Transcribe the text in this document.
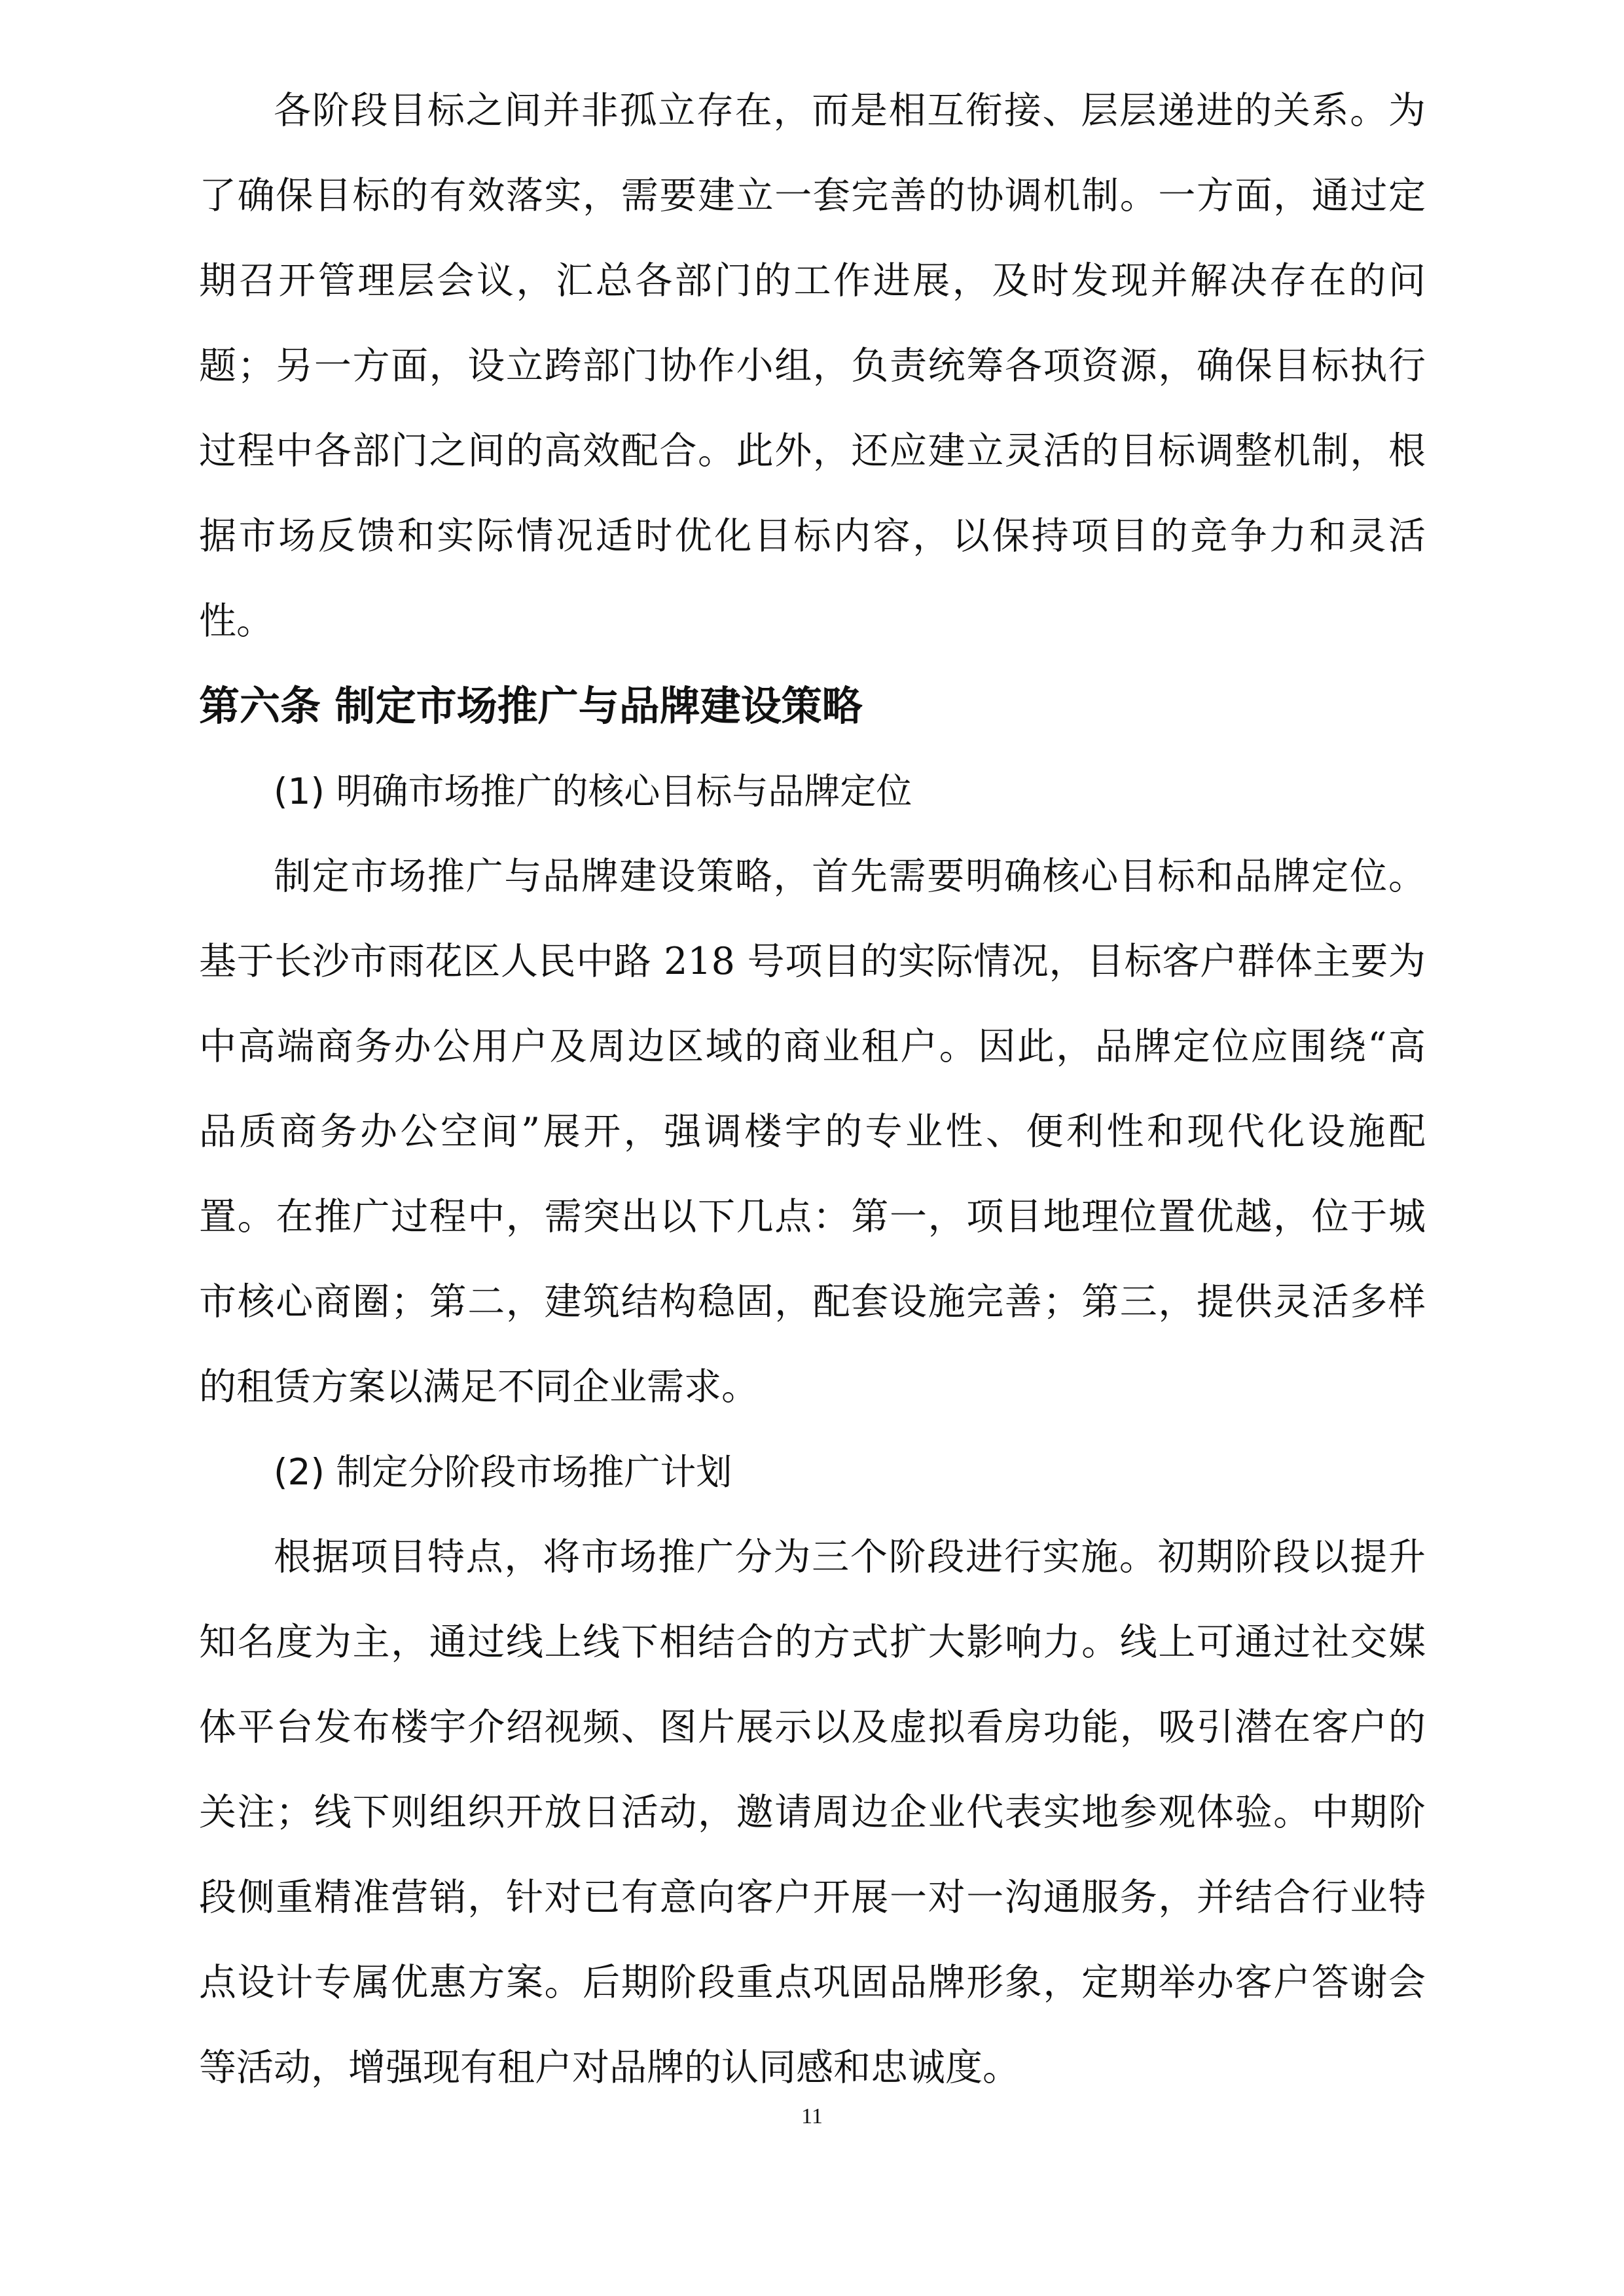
各阶段目标之间并非孤立存在，而是相互衔接、层层递进的关系。为
了确保目标的有效落实，需要建立一套完善的协调机制。一方面，通过定
期召开管理层会议，汇总各部门的工作进展，及时发现并解决存在的问
题；另一方面，设立跨部门协作小组，负责统筹各项资源，确保目标执行
过程中各部门之间的高效配合。此外，还应建立灵活的目标调整机制，根
据市场反馈和实际情况适时优化目标内容，以保持项目的竞争力和灵活
性。
第六条 制定市场推广与品牌建设策略
(1) 明确市场推广的核心目标与品牌定位
制定市场推广与品牌建设策略，首先需要明确核心目标和品牌定位。
基于长沙市雨花区人民中路 218 号项目的实际情况，目标客户群体主要为
中高端商务办公用户及周边区域的商业租户。因此，品牌定位应围绕“高
品质商务办公空间”展开，强调楼宇的专业性、便利性和现代化设施配
置。在推广过程中，需突出以下几点：第一，项目地理位置优越，位于城
市核心商圈；第二，建筑结构稳固，配套设施完善；第三，提供灵活多样
的租赁方案以满足不同企业需求。
(2) 制定分阶段市场推广计划
根据项目特点，将市场推广分为三个阶段进行实施。初期阶段以提升
知名度为主，通过线上线下相结合的方式扩大影响力。线上可通过社交媒
体平台发布楼宇介绍视频、图片展示以及虚拟看房功能，吸引潜在客户的
关注；线下则组织开放日活动，邀请周边企业代表实地参观体验。中期阶
段侧重精准营销，针对已有意向客户开展一对一沟通服务，并结合行业特
点设计专属优惠方案。后期阶段重点巩固品牌形象，定期举办客户答谢会
等活动，增强现有租户对品牌的认同感和忠诚度。
11
